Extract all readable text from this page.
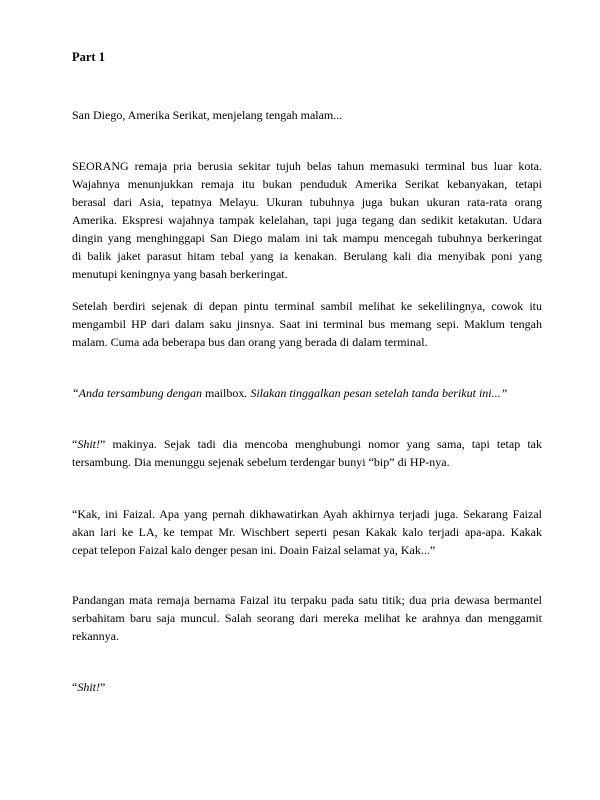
Part 1

San Diego, Amerika Serikat, menjelang tengah malam...

SEORANG remaja pria berusia sekitar tujuh belas tahun memasuki terminal bus luar kota.
Wajahnya menunjukkan remaja itu bukan penduduk Amerika Serikat kebanyakan, tetapi
berasal dari Asia, tepatnya Melayu. Ukuran tubuhnya juga bukan ukuran rata-rata orang
Amerika. Ekspresi wajahnya tampak kelelahan, tapi juga tegang dan sedikit ketakutan. Udara
dingin yang menghinggapi San Diego malam ini tak mampu mencegah tubuhnya berkeringat
di balik jaket parasut hitam tebal yang ia kenakan. Berulang kali dia menyibak poni yang
menutupi keningnya yang basah berkeringat.

Setelah berdiri sejenak di depan pintu terminal sambil melihat ke sekelilingnya, cowok itu
mengambil HP dari dalam saku jinsnya. Saat ini terminal bus memang sepi. Maklum tengah
malam. Cuma ada beberapa bus dan orang yang berada di dalam terminal.

“Anda tersambung dengan mailbox. Silakan tinggalkan pesan setelah tanda berikut ini...”

“Shit!” makinya. Sejak tadi dia mencoba menghubungi nomor yang sama, tapi tetap tak
tersambung. Dia menunggu sejenak sebelum terdengar bunyi “bip” di HP-nya.

“Kak, ini Faizal. Apa yang pernah dikhawatirkan Ayah akhirnya terjadi juga. Sekarang Faizal
akan lari ke LA, ke tempat Mr. Wischbert seperti pesan Kakak kalo terjadi apa-apa. Kakak
cepat telepon Faizal kalo denger pesan ini. Doain Faizal selamat ya, Kak...”

Pandangan mata remaja bernama Faizal itu terpaku pada satu titik; dua pria dewasa bermantel
serbahitam baru saja muncul. Salah seorang dari mereka melihat ke arahnya dan menggamit
rekannya.

“Shit!”
